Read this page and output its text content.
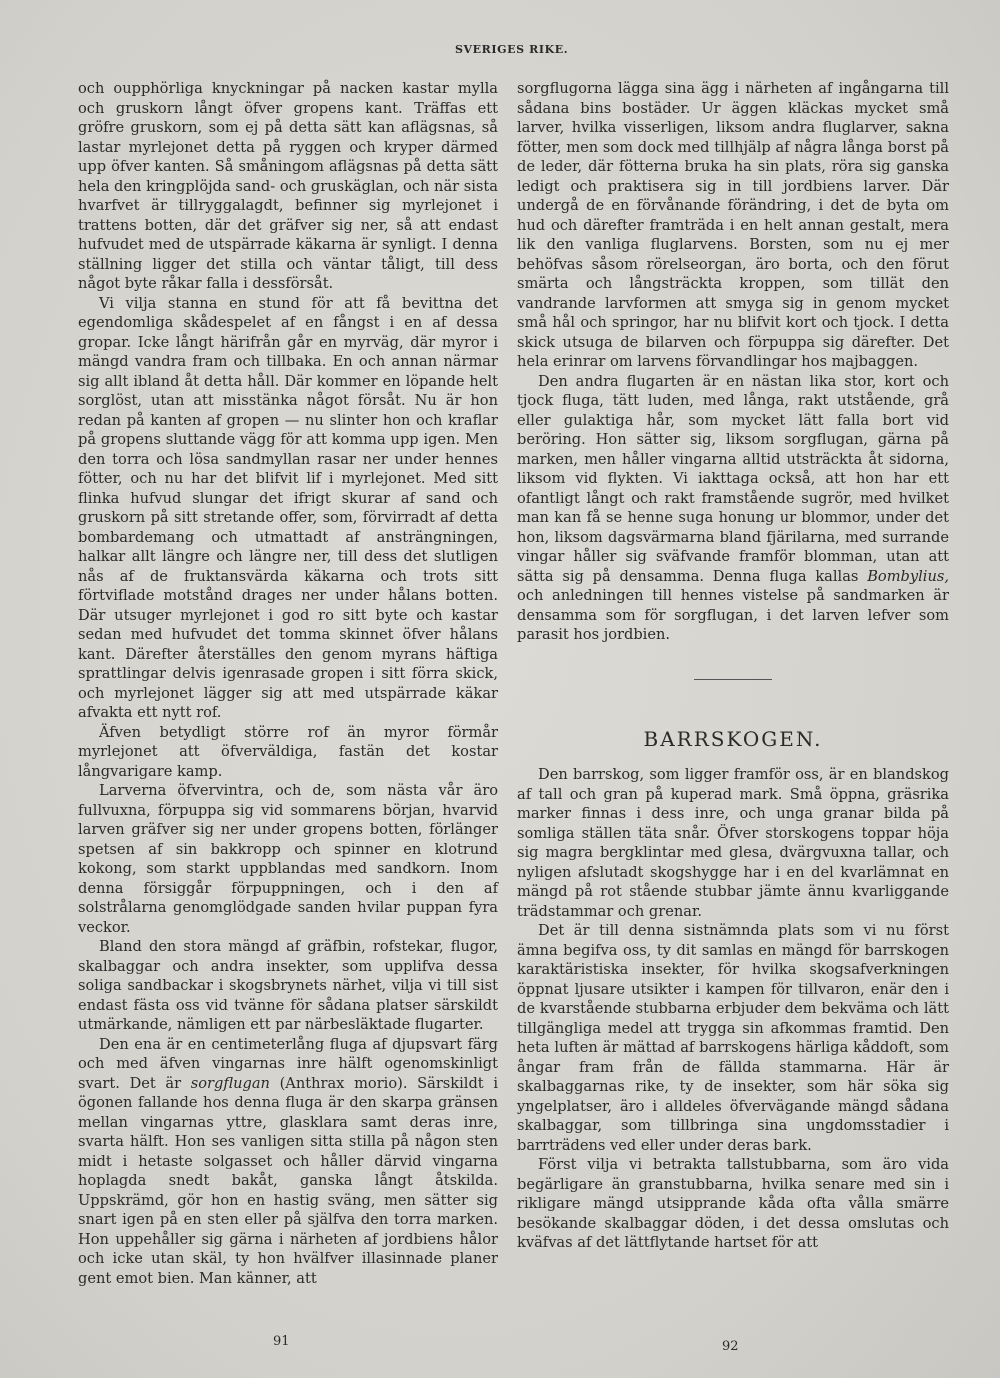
SVERIGES RIKE.

och oupphörliga knyckningar på nacken kastar mylla och gruskorn långt öfver gropens kant. Träffas ett gröfre gruskorn, som ej på detta sätt kan aflägsnas, så lastar myrlejonet detta på ryggen och kryper därmed upp öfver kanten. Så småningom aflägsnas på detta sätt hela den kringplöjda sand- och gruskäglan, och när sista hvarfvet är tillryggalagdt, befinner sig myrlejonet i trattens botten, där det gräfver sig ner, så att endast hufvudet med de utspärrade käkarna är synligt. I denna ställning ligger det stilla och väntar tåligt, till dess något byte råkar falla i dessförsåt.

Vi vilja stanna en stund för att få bevittna det egendomliga skådespelet af en fångst i en af dessa gropar. Icke långt härifrån går en myrväg, där myror i mängd vandra fram och tillbaka. En och annan närmar sig allt ibland åt detta håll. Där kommer en löpande helt sorglöst, utan att misstänka något försåt. Nu är hon redan på kanten af gropen — nu slinter hon och kraflar på gropens sluttande vägg för att komma upp igen. Men den torra och lösa sandmyllan rasar ner under hennes fötter, och nu har det blifvit lif i myrlejonet. Med sitt flinka hufvud slungar det ifrigt skurar af sand och gruskorn på sitt stretande offer, som, förvirradt af detta bombardemang och utmattadt af ansträngningen, halkar allt längre och längre ner, till dess det slutligen nås af de fruktansvärda käkarna och trots sitt förtviflade motstånd drages ner under hålans botten. Där utsuger myrlejonet i god ro sitt byte och kastar sedan med hufvudet det tomma skinnet öfver hålans kant. Därefter återställes den genom myrans häftiga sprattlingar delvis igenrasade gropen i sitt förra skick, och myrlejonet lägger sig att med utspärrade käkar afvakta ett nytt rof.

Äfven betydligt större rof än myror förmår myrlejonet att öfverväldiga, fastän det kostar långvarigare kamp.

Larverna öfvervintra, och de, som nästa vår äro fullvuxna, förpuppa sig vid sommarens början, hvarvid larven gräfver sig ner under gropens botten, förlänger spetsen af sin bakkropp och spinner en klotrund kokong, som starkt uppblandas med sandkorn. Inom denna försiggår förpuppningen, och i den af solstrålarna genomglödgade sanden hvilar puppan fyra veckor.

Bland den stora mängd af gräfbin, rofstekar, flugor, skalbaggar och andra insekter, som upplifva dessa soliga sandbackar i skogsbrynets närhet, vilja vi till sist endast fästa oss vid tvänne för sådana platser särskildt utmärkande, nämligen ett par närbesläktade flugarter.

Den ena är en centimeterlång fluga af djupsvart färg och med äfven vingarnas inre hälft ogenomskinligt svart. Det är sorgflugan (Anthrax morio). Särskildt i ögonen fallande hos denna fluga är den skarpa gränsen mellan vingarnas yttre, glasklara samt deras inre, svarta hälft. Hon ses vanligen sitta stilla på någon sten midt i hetaste solgasset och håller därvid vingarna hoplagda snedt bakåt, ganska långt åtskilda. Uppskrämd, gör hon en hastig sväng, men sätter sig snart igen på en sten eller på själfva den torra marken. Hon uppehåller sig gärna i närheten af jordbiens hålor och icke utan skäl, ty hon hvälfver illasinnade planer gent emot bien. Man känner, att

sorgflugorna lägga sina ägg i närheten af ingångarna till sådana bins bostäder. Ur äggen kläckas mycket små larver, hvilka visserligen, liksom andra fluglarver, sakna fötter, men som dock med tillhjälp af några långa borst på de leder, där fötterna bruka ha sin plats, röra sig ganska ledigt och praktisera sig in till jordbiens larver. Där undergå de en förvånande förändring, i det de byta om hud och därefter framträda i en helt annan gestalt, mera lik den vanliga fluglarvens. Borsten, som nu ej mer behöfvas såsom rörelseorgan, äro borta, och den förut smärta och långsträckta kroppen, som tillät den vandrande larvformen att smyga sig in genom mycket små hål och springor, har nu blifvit kort och tjock. I detta skick utsuga de bilarven och förpuppa sig därefter. Det hela erinrar om larvens förvandlingar hos majbaggen.

Den andra flugarten är en nästan lika stor, kort och tjock fluga, tätt luden, med långa, rakt utstående, grå eller gulaktiga hår, som mycket lätt falla bort vid beröring. Hon sätter sig, liksom sorgflugan, gärna på marken, men håller vingarna alltid utsträckta åt sidorna, liksom vid flykten. Vi iakttaga också, att hon har ett ofantligt långt och rakt framstående sugrör, med hvilket man kan få se henne suga honung ur blommor, under det hon, liksom dagsvärmarna bland fjärilarna, med surrande vingar håller sig sväfvande framför blomman, utan att sätta sig på densamma. Denna fluga kallas Bombylius, och anledningen till hennes vistelse på sandmarken är densamma som för sorgflugan, i det larven lefver som parasit hos jordbien.

BARRSKOGEN.

Den barrskog, som ligger framför oss, är en blandskog af tall och gran på kuperad mark. Små öppna, gräsrika marker finnas i dess inre, och unga granar bilda på somliga ställen täta snår. Öfver storskogens toppar höja sig magra bergklintar med glesa, dvärgvuxna tallar, och nyligen afslutadt skogshygge har i en del kvarlämnat en mängd på rot stående stubbar jämte ännu kvarliggande trädstammar och grenar.

Det är till denna sistnämnda plats som vi nu först ämna begifva oss, ty dit samlas en mängd för barrskogen karaktäristiska insekter, för hvilka skogsafverkningen öppnat ljusare utsikter i kampen för tillvaron, enär den i de kvarstående stubbarna erbjuder dem bekväma och lätt tillgängliga medel att trygga sin afkommas framtid. Den heta luften är mättad af barrskogens härliga kåddoft, som ångar fram från de fällda stammarna. Här är skalbaggarnas rike, ty de insekter, som här söka sig yngelplatser, äro i alldeles öfvervägande mängd sådana skalbaggar, som tillbringa sina ungdomsstadier i barrträdens ved eller under deras bark.

Först vilja vi betrakta tallstubbarna, som äro vida begärligare än granstubbarna, hvilka senare med sin i rikligare mängd utsipprande kåda ofta vålla smärre besökande skalbaggar döden, i det dessa omslutas och kväfvas af det lättflytande hartset för att

91	92
